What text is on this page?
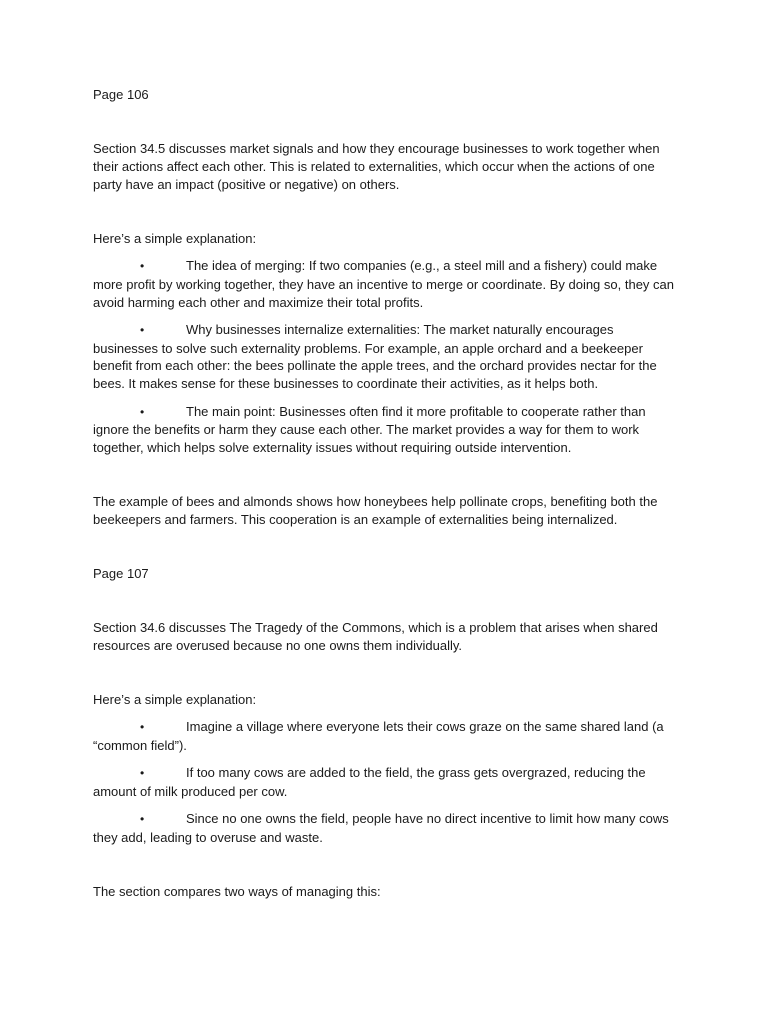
Page 106

Section 34.5 discusses market signals and how they encourage businesses to work together when their actions affect each other. This is related to externalities, which occur when the actions of one party have an impact (positive or negative) on others.

Here’s a simple explanation:

•	The idea of merging: If two companies (e.g., a steel mill and a fishery) could make more profit by working together, they have an incentive to merge or coordinate. By doing so, they can avoid harming each other and maximize their total profits.

•	Why businesses internalize externalities: The market naturally encourages businesses to solve such externality problems. For example, an apple orchard and a beekeeper benefit from each other: the bees pollinate the apple trees, and the orchard provides nectar for the bees. It makes sense for these businesses to coordinate their activities, as it helps both.

•	The main point: Businesses often find it more profitable to cooperate rather than ignore the benefits or harm they cause each other. The market provides a way for them to work together, which helps solve externality issues without requiring outside intervention.

The example of bees and almonds shows how honeybees help pollinate crops, benefiting both the beekeepers and farmers. This cooperation is an example of externalities being internalized.

Page 107

Section 34.6 discusses The Tragedy of the Commons, which is a problem that arises when shared resources are overused because no one owns them individually.

Here’s a simple explanation:

•	Imagine a village where everyone lets their cows graze on the same shared land (a “common field”).

•	If too many cows are added to the field, the grass gets overgrazed, reducing the amount of milk produced per cow.

•	Since no one owns the field, people have no direct incentive to limit how many cows they add, leading to overuse and waste.

The section compares two ways of managing this:
